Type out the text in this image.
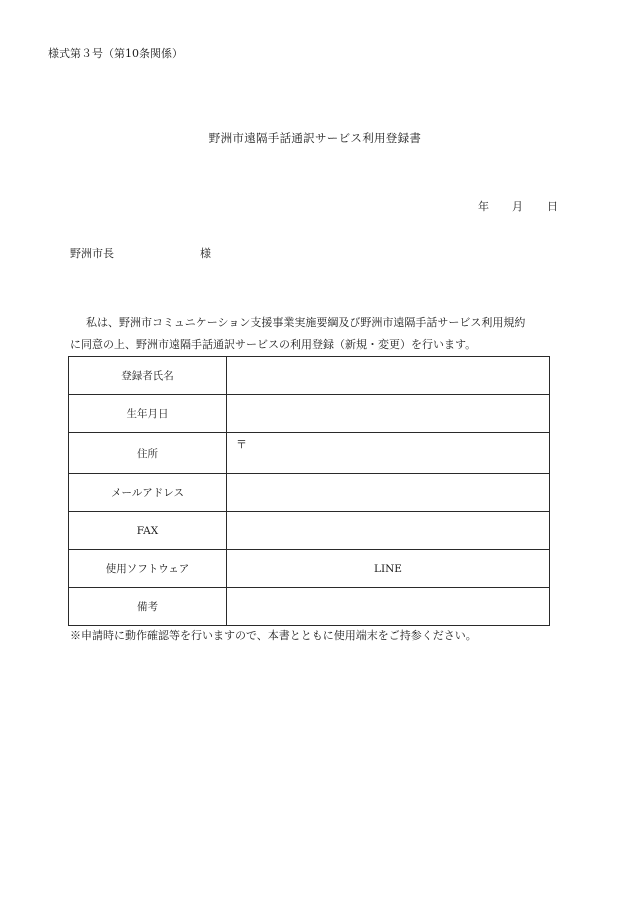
様式第３号（第10条関係）
野洲市遠隔手話通訳サービス利用登録書
年 月 日
野洲市長	様
私は、野洲市コミュニケーション支援事業実施要綱及び野洲市遠隔手話サービス利用規約
に同意の上、野洲市遠隔手話通訳サービスの利用登録（新規・変更）を行います。
登録者氏名	
生年月日	
住所	〒
メールアドレス	
FAX	
使用ソフトウェア	LINE
備考	
※申請時に動作確認等を行いますので、本書とともに使用端末をご持参ください。
